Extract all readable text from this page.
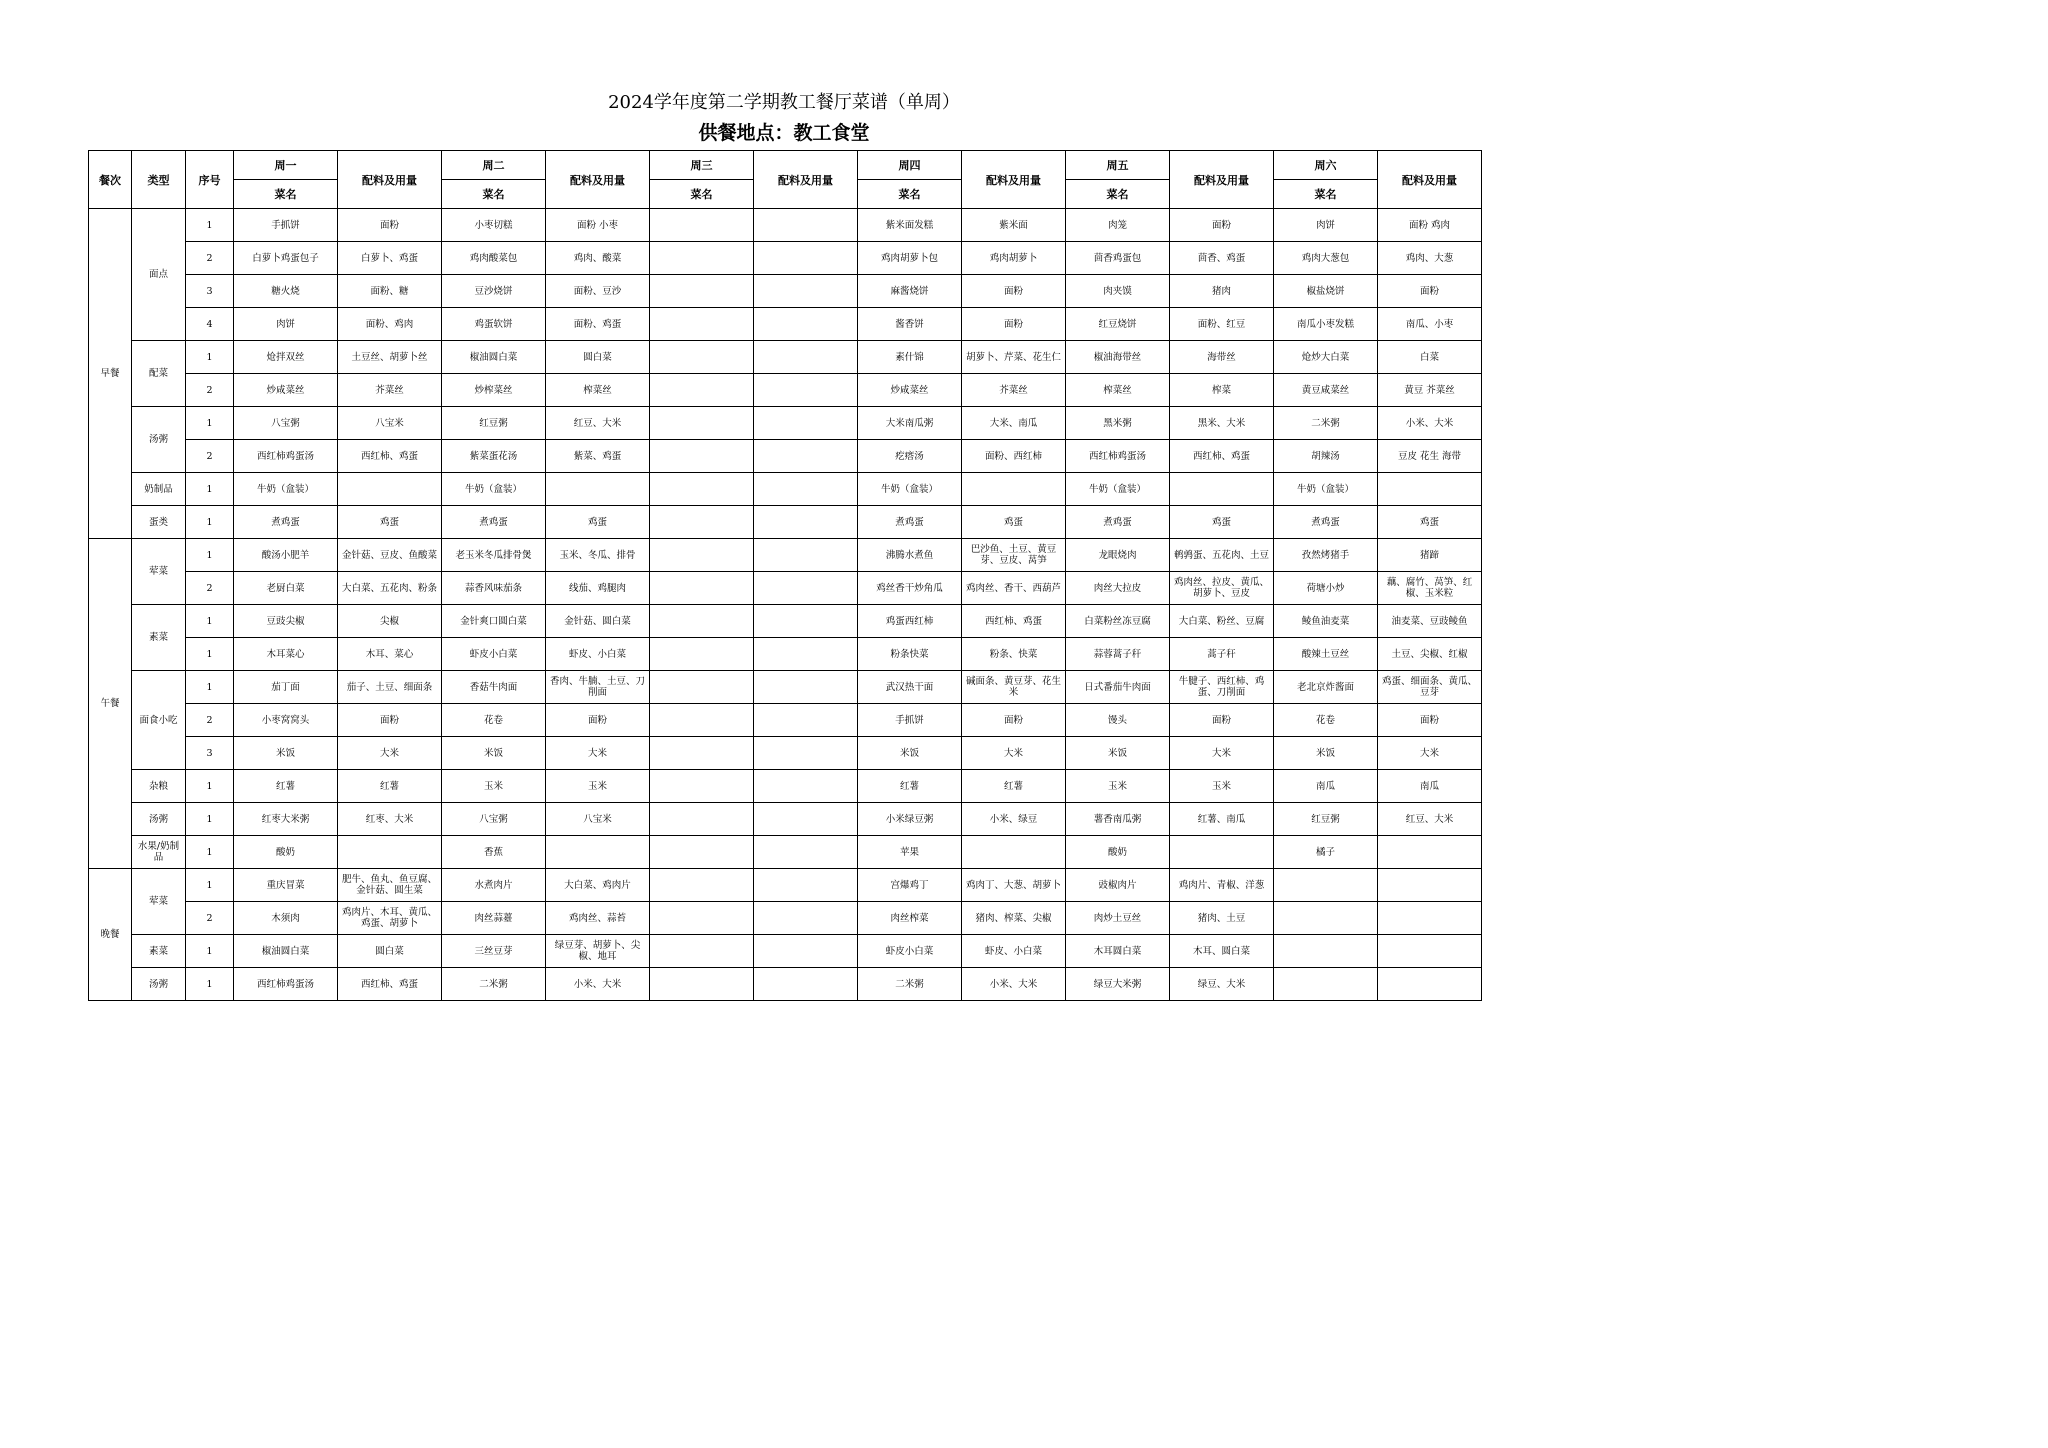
2024学年度第二学期教工餐厅菜谱（单周）
供餐地点：教工食堂
餐次	类型	序号	周一	配料及用量	周二	配料及用量	周三	配料及用量	周四	配料及用量	周五	配料及用量	周六	配料及用量
			菜名		菜名		菜名		菜名		菜名		菜名	
早餐	面点	1	手抓饼	面粉	小枣切糕	面粉 小枣			紫米面发糕	紫米面	肉笼	面粉	肉饼	面粉 鸡肉
		2	白萝卜鸡蛋包子	白萝卜、鸡蛋	鸡肉酸菜包	鸡肉、酸菜			鸡肉胡萝卜包	鸡肉胡萝卜	茴香鸡蛋包	茴香、鸡蛋	鸡肉大葱包	鸡肉、大葱
		3	糖火烧	面粉、糖	豆沙烧饼	面粉、豆沙			麻酱烧饼	面粉	肉夹馍	猪肉	椒盐烧饼	面粉
		4	肉饼	面粉、鸡肉	鸡蛋软饼	面粉、鸡蛋			酱香饼	面粉	红豆烧饼	面粉、红豆	南瓜小枣发糕	南瓜、小枣
	配菜	1	炝拌双丝	土豆丝、胡萝卜丝	椒油圆白菜	圆白菜			素什锦	胡萝卜、芹菜、花生仁	椒油海带丝	海带丝	炝炒大白菜	白菜
		2	炒咸菜丝	芥菜丝	炒榨菜丝	榨菜丝			炒咸菜丝	芥菜丝	榨菜丝	榨菜	黄豆咸菜丝	黄豆 芥菜丝
	汤粥	1	八宝粥	八宝米	红豆粥	红豆、大米			大米南瓜粥	大米、南瓜	黑米粥	黑米、大米	二米粥	小米、大米
		2	西红柿鸡蛋汤	西红柿、鸡蛋	紫菜蛋花汤	紫菜、鸡蛋			疙瘩汤	面粉、西红柿	西红柿鸡蛋汤	西红柿、鸡蛋	胡辣汤	豆皮 花生 海带
	奶制品	1	牛奶（盒装）		牛奶（盒装）				牛奶（盒装）		牛奶（盒装）		牛奶（盒装）	
	蛋类	1	煮鸡蛋	鸡蛋	煮鸡蛋	鸡蛋			煮鸡蛋	鸡蛋	煮鸡蛋	鸡蛋	煮鸡蛋	鸡蛋
午餐	荤菜	1	酸汤小肥羊	金针菇、豆皮、鱼酸菜	老玉米冬瓜排骨煲	玉米、冬瓜、排骨			沸腾水煮鱼	巴沙鱼、土豆、黄豆芽、豆皮、莴笋	龙眼烧肉	鹌鹑蛋、五花肉、土豆	孜然烤猪手	猪蹄
		2	老厨白菜	大白菜、五花肉、粉条	蒜香风味茄条	线茄、鸡腿肉			鸡丝香干炒角瓜	鸡肉丝、香干、西葫芦	肉丝大拉皮	鸡肉丝、拉皮、黄瓜、胡萝卜、豆皮	荷塘小炒	藕、腐竹、莴笋、红椒、玉米粒
	素菜	1	豆豉尖椒	尖椒	金针爽口圆白菜	金针菇、圆白菜			鸡蛋西红柿	西红柿、鸡蛋	白菜粉丝冻豆腐	大白菜、粉丝、豆腐	鲮鱼油麦菜	油麦菜、豆豉鲮鱼
		1	木耳菜心	木耳、菜心	虾皮小白菜	虾皮、小白菜			粉条快菜	粉条、快菜	蒜蓉蒿子秆	蒿子秆	酸辣土豆丝	土豆、尖椒、红椒
	面食小吃	1	茄丁面	茄子、土豆、细面条	香菇牛肉面	香肉、牛腩、土豆、刀削面			武汉热干面	碱面条、黄豆芽、花生米	日式番茄牛肉面	牛腱子、西红柿、鸡蛋、刀削面	老北京炸酱面	鸡蛋、细面条、黄瓜、豆芽
		2	小枣窝窝头	面粉	花卷	面粉			手抓饼	面粉	馒头	面粉	花卷	面粉
		3	米饭	大米	米饭	大米			米饭	大米	米饭	大米	米饭	大米
	杂粮	1	红薯	红薯	玉米	玉米			红薯	红薯	玉米	玉米	南瓜	南瓜
	汤粥	1	红枣大米粥	红枣、大米	八宝粥	八宝米			小米绿豆粥	小米、绿豆	薯香南瓜粥	红薯、南瓜	红豆粥	红豆、大米
	水果/奶制品	1	酸奶		香蕉				苹果		酸奶		橘子	
晚餐	荤菜	1	重庆冒菜	肥牛、鱼丸、鱼豆腐、金针菇、圆生菜	水煮肉片	大白菜、鸡肉片			宫爆鸡丁	鸡肉丁、大葱、胡萝卜	豉椒肉片	鸡肉片、青椒、洋葱		
		2	木须肉	鸡肉片、木耳、黄瓜、鸡蛋、胡萝卜	肉丝蒜薹	鸡肉丝、蒜苔			肉丝榨菜	猪肉、榨菜、尖椒	肉炒土豆丝	猪肉、土豆		
	素菜	1	椒油圆白菜	圆白菜	三丝豆芽	绿豆芽、胡萝卜、尖椒、地耳			虾皮小白菜	虾皮、小白菜	木耳圆白菜	木耳、圆白菜		
	汤粥	1	西红柿鸡蛋汤	西红柿、鸡蛋	二米粥	小米、大米			二米粥	小米、大米	绿豆大米粥	绿豆、大米		
